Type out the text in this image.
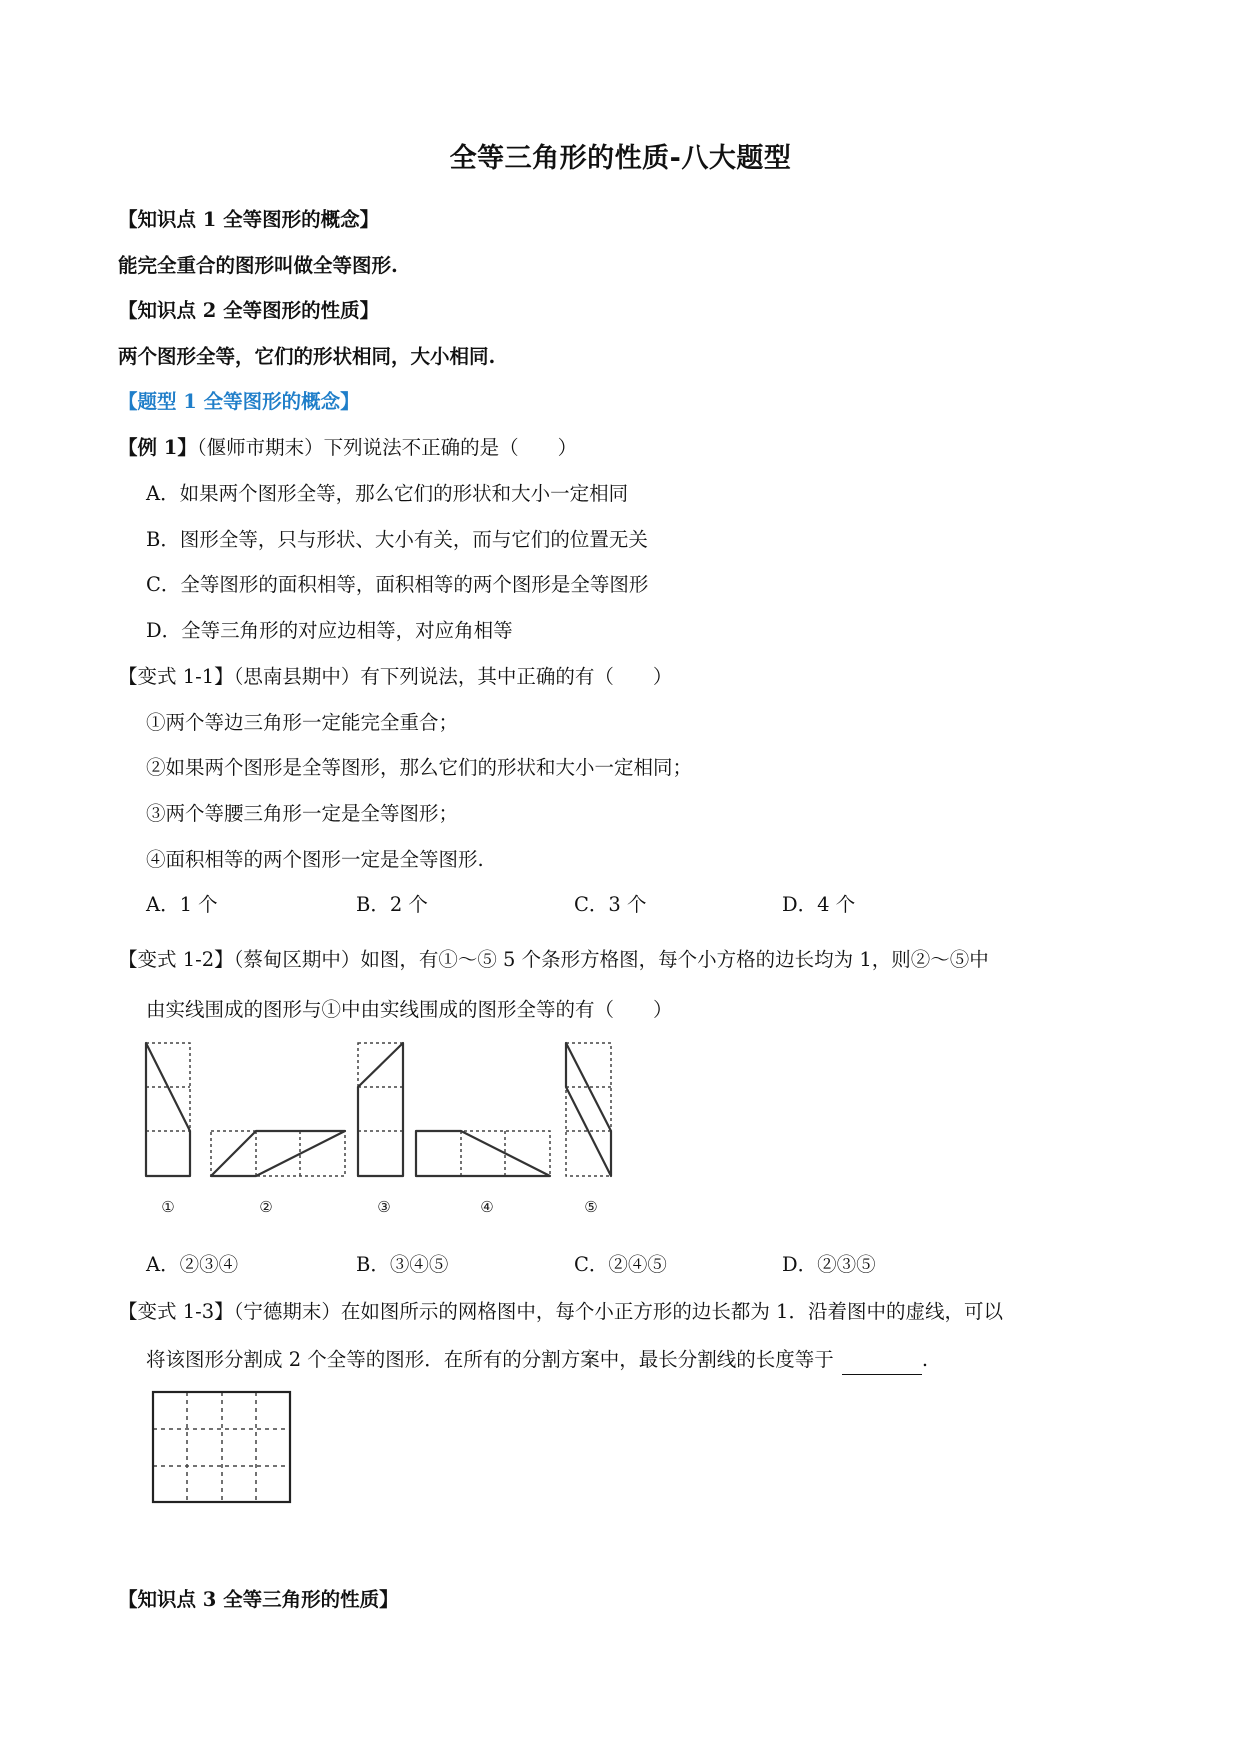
全等三角形的性质-八大题型
【知识点 1 全等图形的概念】
能完全重合的图形叫做全等图形.
【知识点 2 全等图形的性质】
两个图形全等，它们的形状相同，大小相同.
【题型 1 全等图形的概念】
【例 1】（偃师市期末）下列说法不正确的是（　　）
A．如果两个图形全等，那么它们的形状和大小一定相同
B．图形全等，只与形状、大小有关，而与它们的位置无关
C．全等图形的面积相等，面积相等的两个图形是全等图形
D．全等三角形的对应边相等，对应角相等
【变式 1-1】（思南县期中）有下列说法，其中正确的有（　　）
①两个等边三角形一定能完全重合；
②如果两个图形是全等图形，那么它们的形状和大小一定相同；
③两个等腰三角形一定是全等图形；
④面积相等的两个图形一定是全等图形.
A．1 个	B．2 个	C．3 个	D．4 个
【变式 1-2】（蔡甸区期中）如图，有①～⑤ 5 个条形方格图，每个小方格的边长均为 1，则②～⑤中
由实线围成的图形与①中由实线围成的图形全等的有（　　）
①	②	③	④	⑤
A．②③④	B．③④⑤	C．②④⑤	D．②③⑤
【变式 1-3】（宁德期末）在如图所示的网格图中，每个小正方形的边长都为 1．沿着图中的虚线，可以
将该图形分割成 2 个全等的图形．在所有的分割方案中，最长分割线的长度等于	.
【知识点 3 全等三角形的性质】
